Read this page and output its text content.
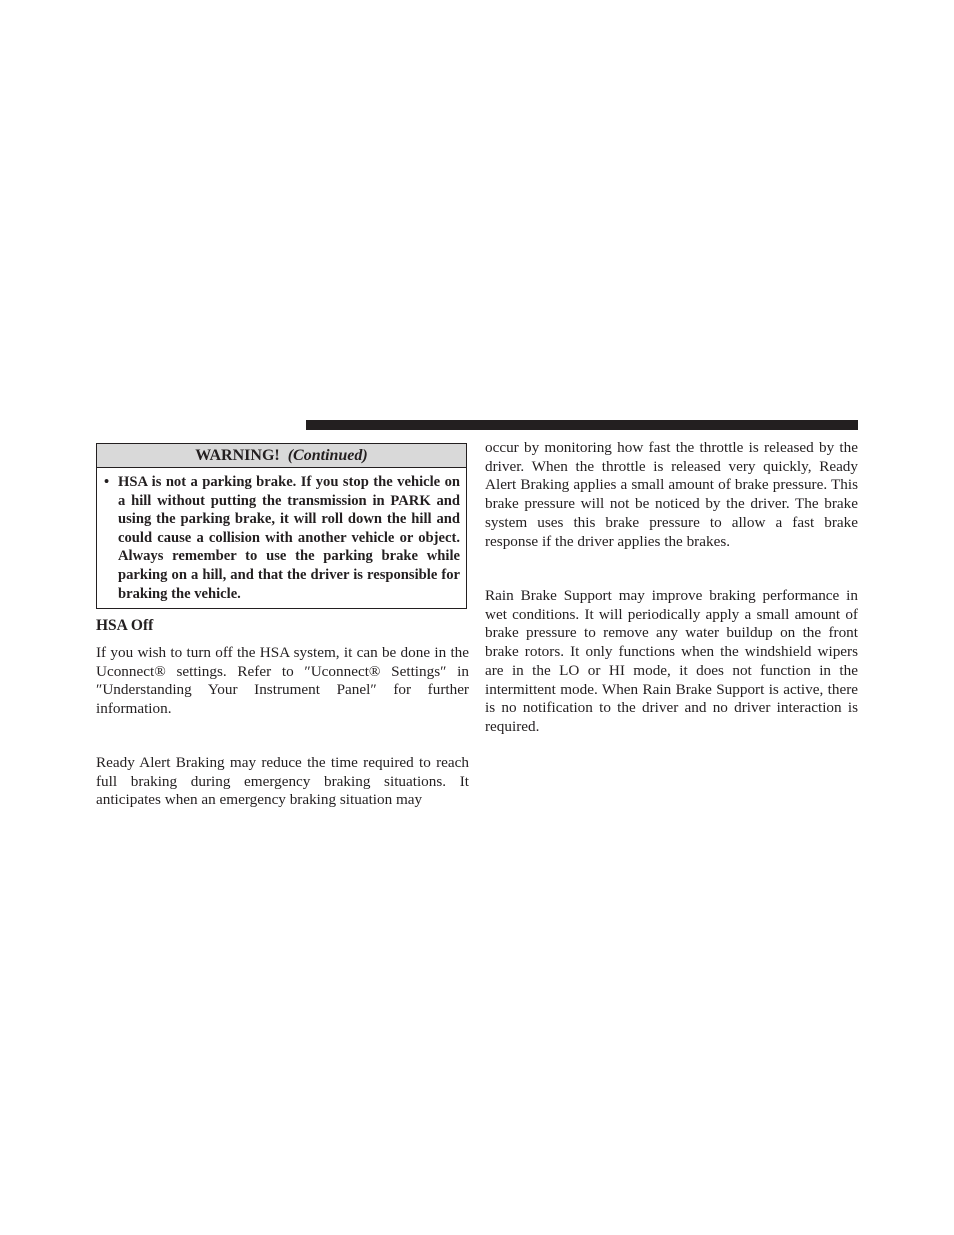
WARNING! (Continued)
• HSA is not a parking brake. If you stop the vehicle on a hill without putting the transmission in PARK and using the parking brake, it will roll down the hill and could cause a collision with another vehicle or object. Always remember to use the parking brake while parking on a hill, and that the driver is responsible for braking the vehicle.

HSA Off

If you wish to turn off the HSA system, it can be done in the Uconnect® settings. Refer to ″Uconnect® Settings″ in ″Understanding Your Instrument Panel″ for further information.

Ready Alert Braking may reduce the time required to reach full braking during emergency braking situations. It anticipates when an emergency braking situation may

occur by monitoring how fast the throttle is released by the driver. When the throttle is released very quickly, Ready Alert Braking applies a small amount of brake pressure. This brake pressure will not be noticed by the driver. The brake system uses this brake pressure to allow a fast brake response if the driver applies the brakes.

Rain Brake Support may improve braking performance in wet conditions. It will periodically apply a small amount of brake pressure to remove any water buildup on the front brake rotors. It only functions when the windshield wipers are in the LO or HI mode, it does not function in the intermittent mode. When Rain Brake Support is active, there is no notification to the driver and no driver interaction is required.
